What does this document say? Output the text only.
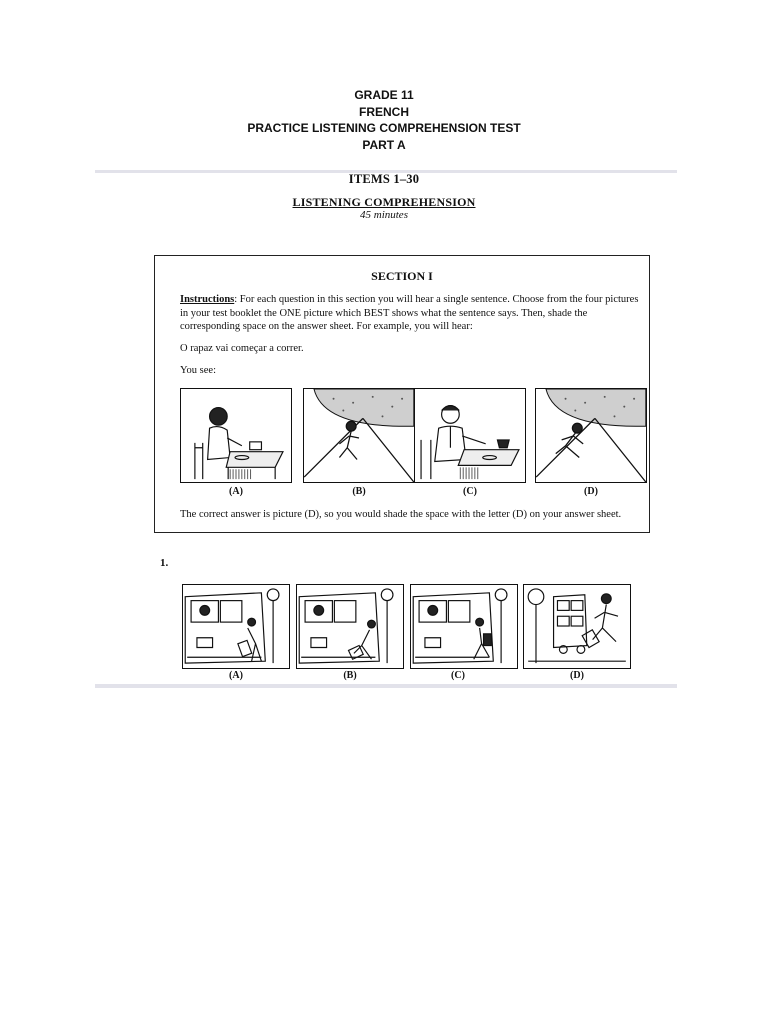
GRADE 11
FRENCH
PRACTICE LISTENING COMPREHENSION TEST
PART A
ITEMS 1–30
LISTENING COMPREHENSION
45 minutes
SECTION I
Instructions: For each question in this section you will hear a single sentence. Choose from the four pictures in your test booklet the ONE picture which BEST shows what the sentence says. Then, shade the corresponding space on the answer sheet. For example, you will hear:
O rapaz vai começar a correr.
You see:
(A)	(B)	(C)	(D)
The correct answer is picture (D), so you would shade the space with the letter (D) on your answer sheet.
1.
(A)	(B)	(C)	(D)
